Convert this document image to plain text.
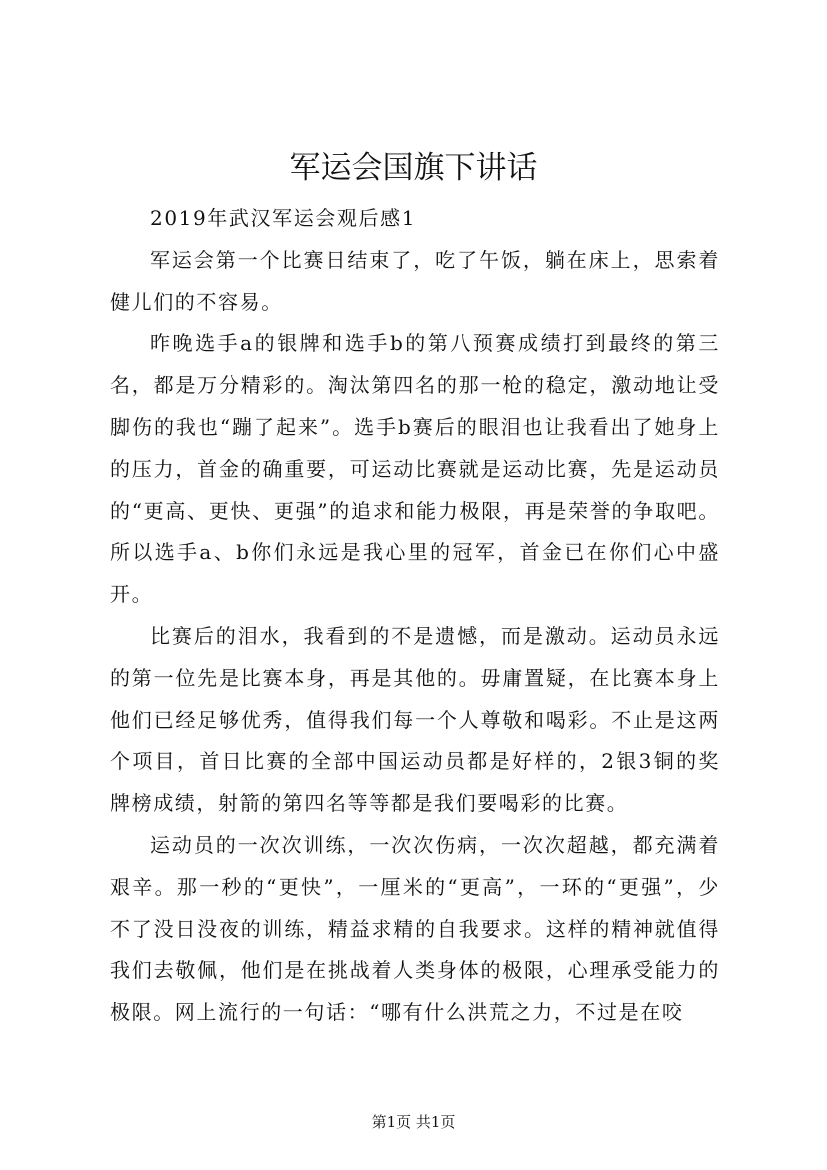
军运会国旗下讲话

2019年武汉军运会观后感1

军运会第一个比赛日结束了，吃了午饭，躺在床上，思索着健儿们的不容易。

昨晚选手a的银牌和选手b的第八预赛成绩打到最终的第三名，都是万分精彩的。淘汰第四名的那一枪的稳定，激动地让受脚伤的我也“蹦了起来”。选手b赛后的眼泪也让我看出了她身上的压力，首金的确重要，可运动比赛就是运动比赛，先是运动员的“更高、更快、更强”的追求和能力极限，再是荣誉的争取吧。所以选手a、b你们永远是我心里的冠军，首金已在你们心中盛开。

比赛后的泪水，我看到的不是遗憾，而是激动。运动员永远的第一位先是比赛本身，再是其他的。毋庸置疑，在比赛本身上他们已经足够优秀，值得我们每一个人尊敬和喝彩。不止是这两个项目，首日比赛的全部中国运动员都是好样的，2银3铜的奖牌榜成绩，射箭的第四名等等都是我们要喝彩的比赛。

运动员的一次次训练，一次次伤病，一次次超越，都充满着艰辛。那一秒的“更快”，一厘米的“更高”，一环的“更强”，少不了没日没夜的训练，精益求精的自我要求。这样的精神就值得我们去敬佩，他们是在挑战着人类身体的极限，心理承受能力的极限。网上流行的一句话：“哪有什么洪荒之力，不过是在咬

第1页 共1页
